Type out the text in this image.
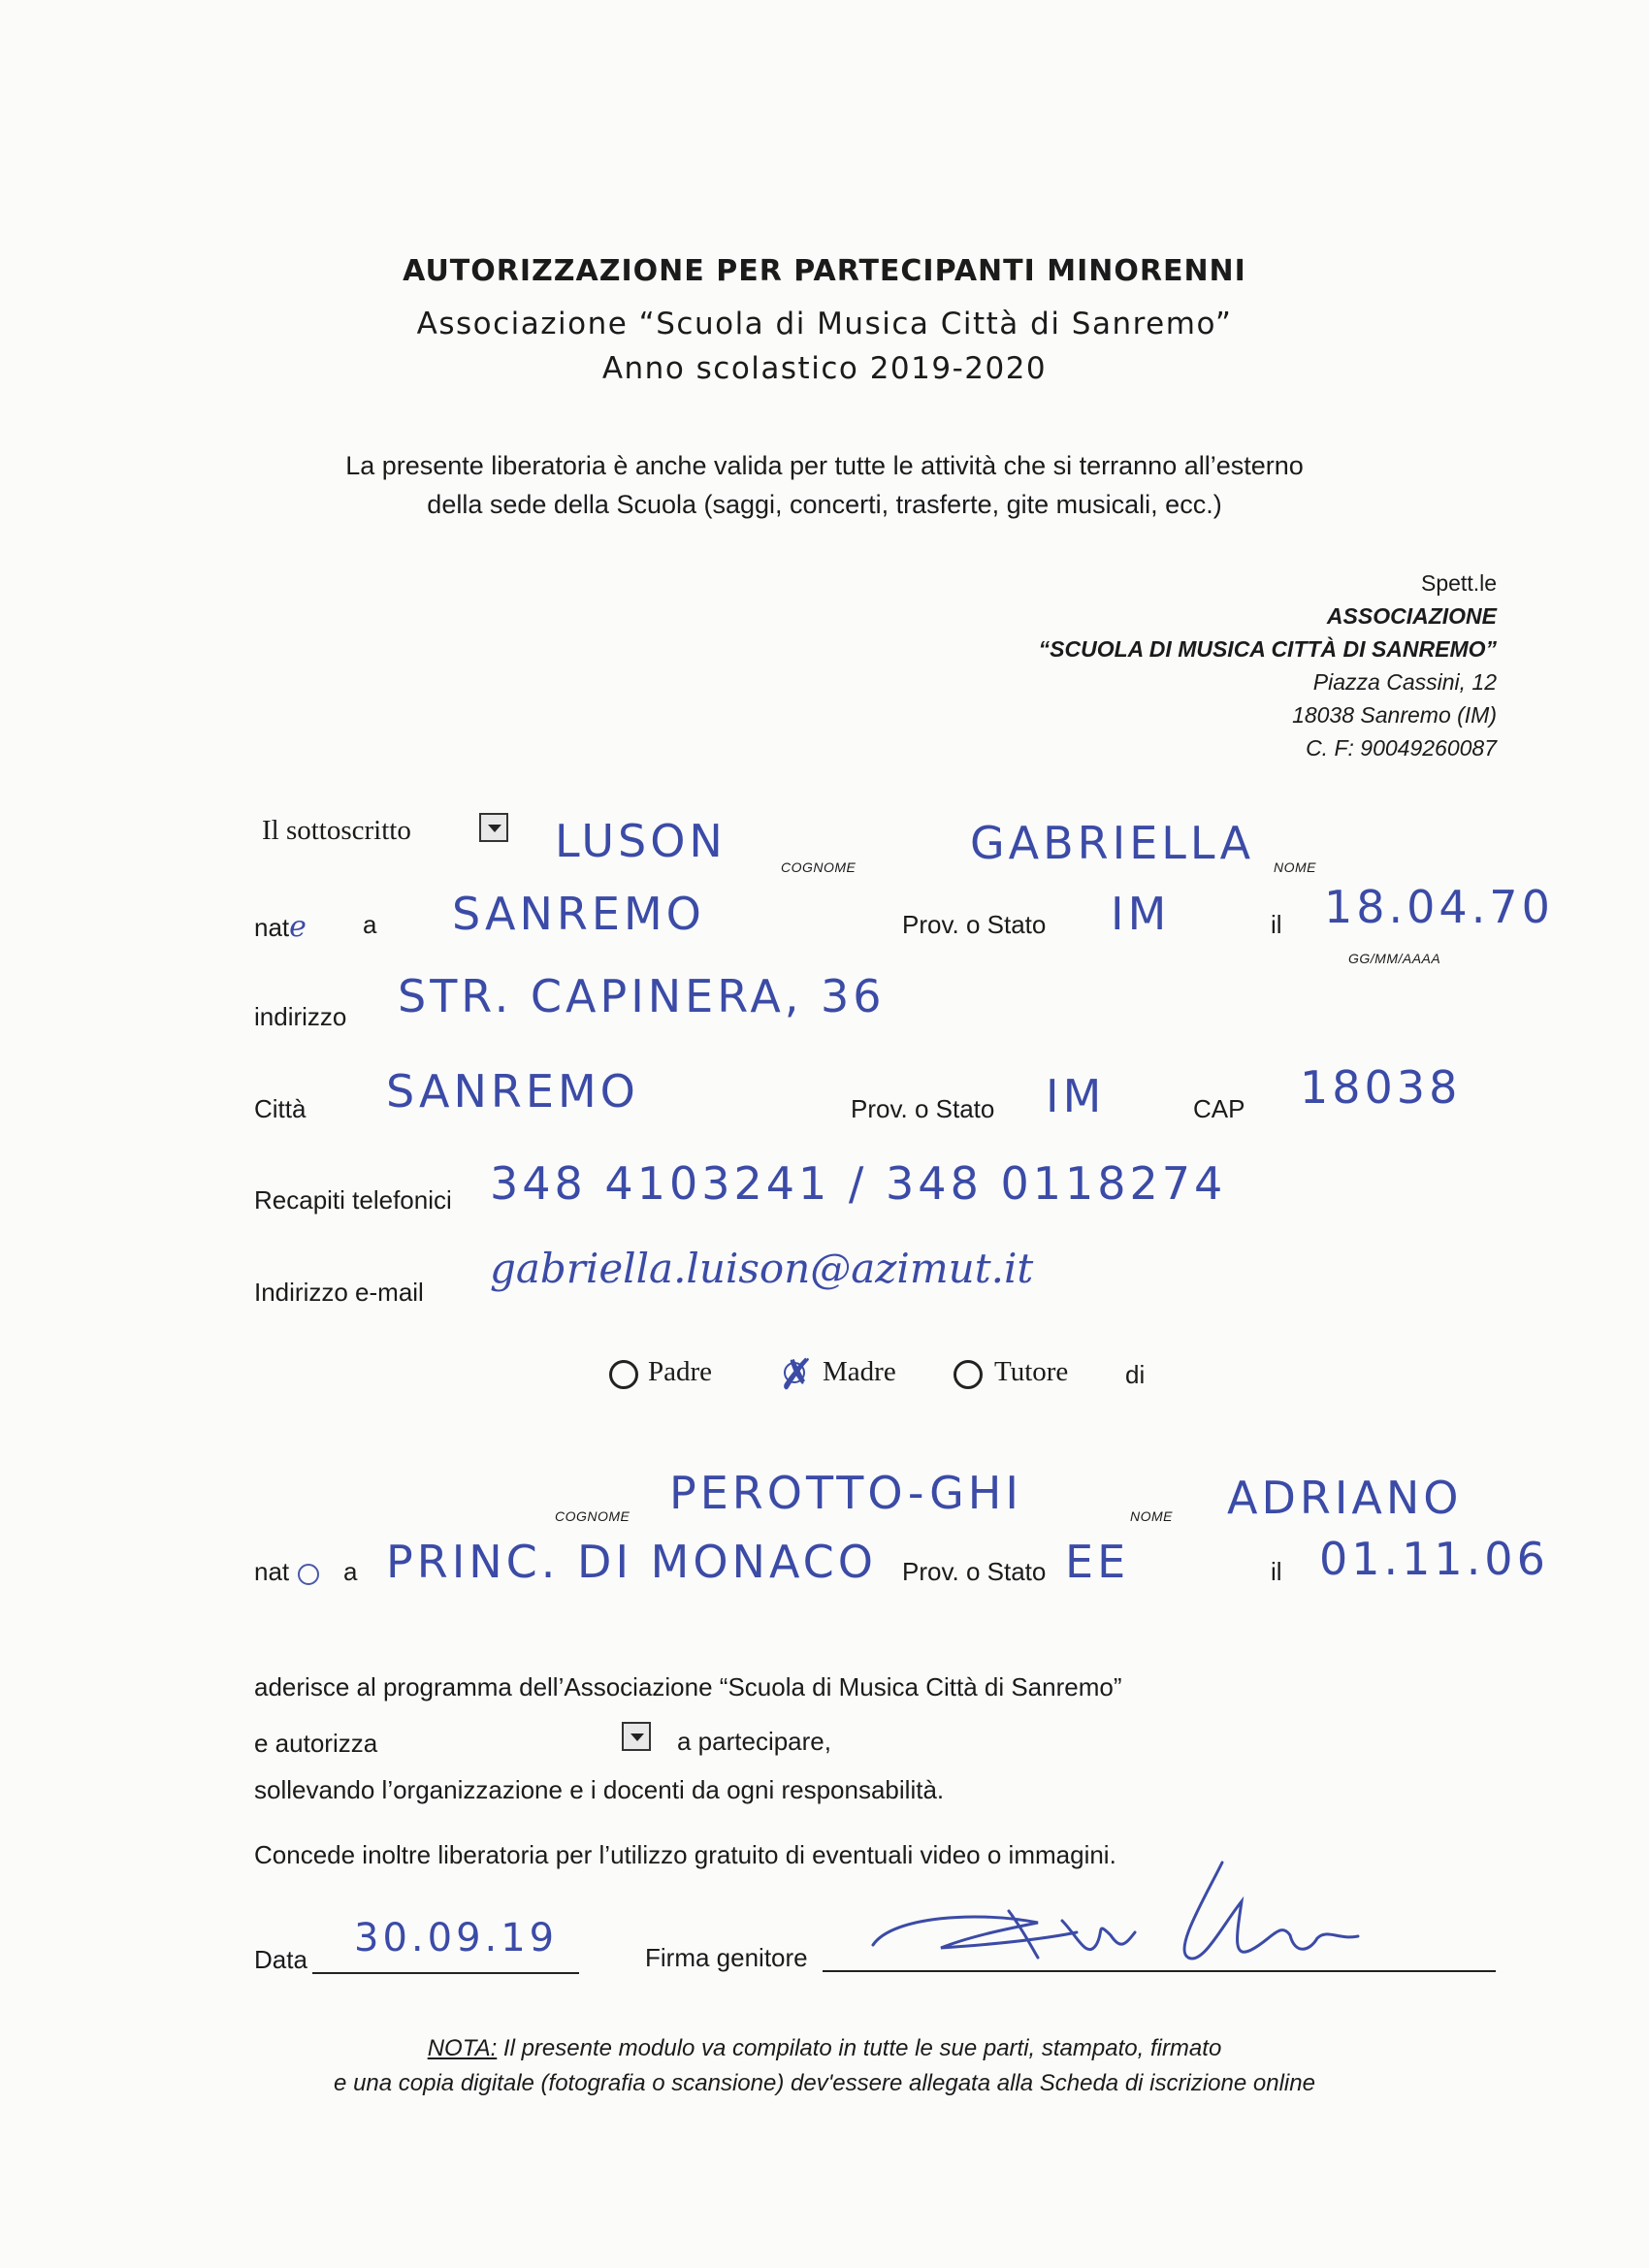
AUTORIZZAZIONE PER PARTECIPANTI MINORENNI
Associazione “Scuola di Musica Città di Sanremo”
Anno scolastico 2019-2020
La presente liberatoria è anche valida per tutte le attività che si terranno all’esterno
della sede della Scuola (saggi, concerti, trasferte, gite musicali, ecc.)
Spett.le
ASSOCIAZIONE
“SCUOLA DI MUSICA CITTÀ DI SANREMO”
Piazza Cassini, 12
18038 Sanremo (IM)
C. F: 90049260087
Il sottoscritto	LUSON	COGNOME	GABRIELLA NOME
nate a SANREMO	Prov. o Stato IM	il 18.04.70
GG/MM/AAAA
indirizzo STR. CAPINERA, 36
Città SANREMO	Prov. o Stato IM	CAP 18038
Recapiti telefonici 348 4103241 / 348 0118274
Indirizzo e-mail gabriella.luison@azimut.it
Padre ✗ Madre	Tutore di
PEROTTO-GHI
COGNOME	ADRIANO
NOME
nat a PRINC. DI MONACO Prov. o Stato EE	il 01.11.06
aderisce al programma dell’Associazione “Scuola di Musica Città di Sanremo”
e autorizza	a partecipare,
sollevando l’organizzazione e i docenti da ogni responsabilità.
Concede inoltre liberatoria per l’utilizzo gratuito di eventuali video o immagini.
Data 30.09.19	Firma genitore
NOTA: Il presente modulo va compilato in tutte le sue parti, stampato, firmato
e una copia digitale (fotografia o scansione) dev'essere allegata alla Scheda di iscrizione online
